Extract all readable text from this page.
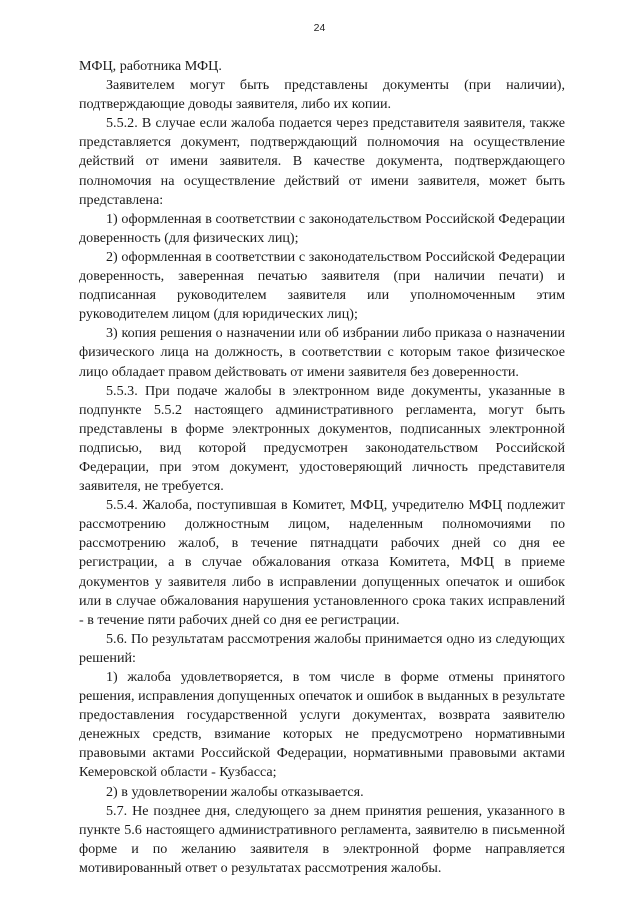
24

МФЦ, работника МФЦ.

Заявителем могут быть представлены документы (при наличии), подтверждающие доводы заявителя, либо их копии.

5.5.2. В случае если жалоба подается через представителя заявителя, также представляется документ, подтверждающий полномочия на осуществление действий от имени заявителя. В качестве документа, подтверждающего полномочия на осуществление действий от имени заявителя, может быть представлена:

1) оформленная в соответствии с законодательством Российской Федерации доверенность (для физических лиц);

2) оформленная в соответствии с законодательством Российской Федерации доверенность, заверенная печатью заявителя (при наличии печати) и подписанная руководителем заявителя или уполномоченным этим руководителем лицом (для юридических лиц);

3) копия решения о назначении или об избрании либо приказа о назначении физического лица на должность, в соответствии с которым такое физическое лицо обладает правом действовать от имени заявителя без доверенности.

5.5.3. При подаче жалобы в электронном виде документы, указанные в подпункте 5.5.2 настоящего административного регламента, могут быть представлены в форме электронных документов, подписанных электронной подписью, вид которой предусмотрен законодательством Российской Федерации, при этом документ, удостоверяющий личность представителя заявителя, не требуется.

5.5.4. Жалоба, поступившая в Комитет, МФЦ, учредителю МФЦ подлежит рассмотрению должностным лицом, наделенным полномочиями по рассмотрению жалоб, в течение пятнадцати рабочих дней со дня ее регистрации, а в случае обжалования отказа Комитета, МФЦ в приеме документов у заявителя либо в исправлении допущенных опечаток и ошибок или в случае обжалования нарушения установленного срока таких исправлений - в течение пяти рабочих дней со дня ее регистрации.

5.6. По результатам рассмотрения жалобы принимается одно из следующих решений:

1) жалоба удовлетворяется, в том числе в форме отмены принятого решения, исправления допущенных опечаток и ошибок в выданных в результате предоставления государственной услуги документах, возврата заявителю денежных средств, взимание которых не предусмотрено нормативными правовыми актами Российской Федерации, нормативными правовыми актами Кемеровской области - Кузбасса;

2) в удовлетворении жалобы отказывается.

5.7. Не позднее дня, следующего за днем принятия решения, указанного в пункте 5.6 настоящего административного регламента, заявителю в письменной форме и по желанию заявителя в электронной форме направляется мотивированный ответ о результатах рассмотрения жалобы.
